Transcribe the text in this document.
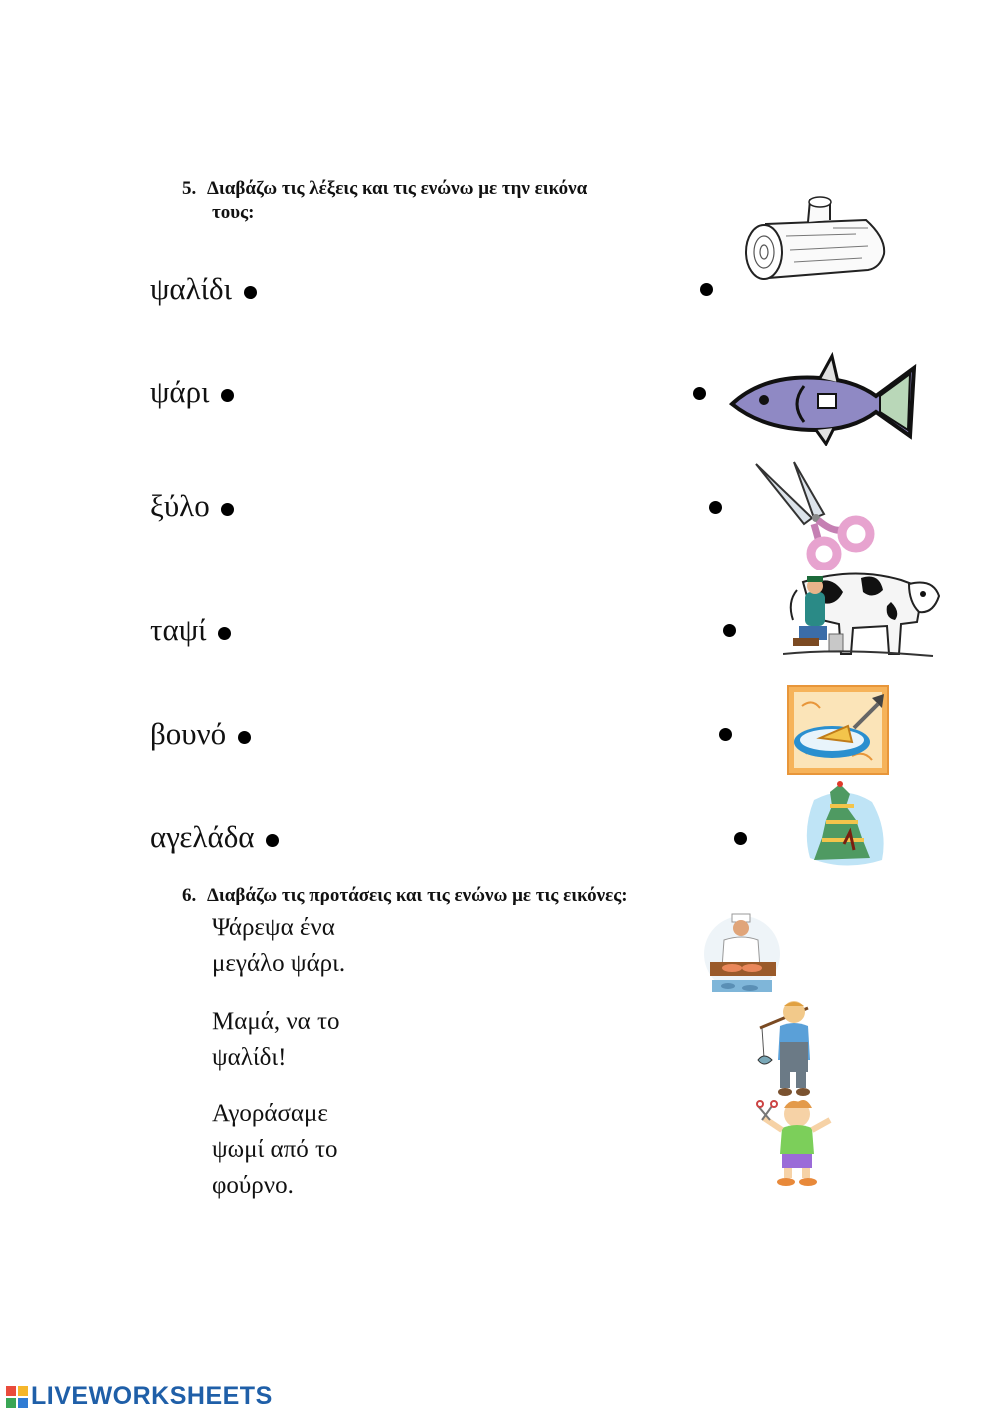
5. Διαβάζω τις λέξεις και τις ενώνω με την εικόνα
τους:
ψαλίδι
ψάρι
ξύλο
ταψί
βουνό
αγελάδα
6. Διαβάζω τις προτάσεις και τις ενώνω με τις εικόνες:
Ψάρεψα ένα
μεγάλο ψάρι.
Μαμά, να το
ψαλίδι!
Αγοράσαμε
ψωμί από το
φούρνο.
LIVEWORKSHEETS
